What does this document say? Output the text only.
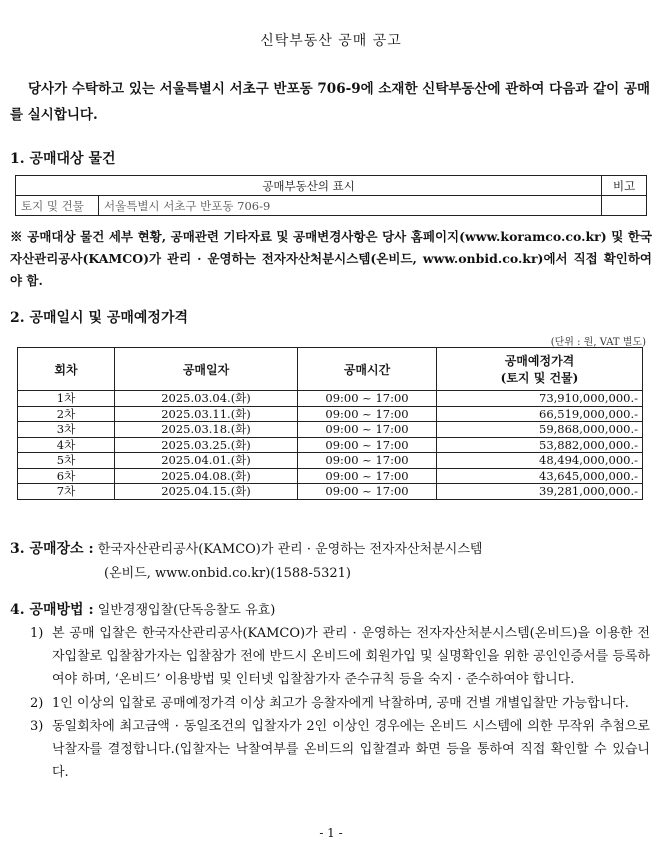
신탁부동산 공매 공고
당사가 수탁하고 있는 서울특별시 서초구 반포동 706-9에 소재한 신탁부동산에 관하여 다음과 같이 공매를 실시합니다.
1. 공매대상 물건
공매부동산의 표시		비고
토지 및 건물	서울특별시 서초구 반포동 706-9	
※ 공매대상 물건 세부 현황, 공매관련 기타자료 및 공매변경사항은 당사 홈페이지(www.koramco.co.kr) 및 한국자산관리공사(KAMCO)가 관리 · 운영하는 전자자산처분시스템(온비드, www.onbid.co.kr)에서 직접 확인하여야 함.
2. 공매일시 및 공매예정가격
(단위 : 원, VAT 별도)
회차	공매일자	공매시간	공매예정가격
(토지 및 건물)

1차	2025.03.04.(화)	09:00 ~ 17:00	73,910,000,000.-
2차	2025.03.11.(화)	09:00 ~ 17:00	66,519,000,000.-
3차	2025.03.18.(화)	09:00 ~ 17:00	59,868,000,000.-
4차	2025.03.25.(화)	09:00 ~ 17:00	53,882,000,000.-
5차	2025.04.01.(화)	09:00 ~ 17:00	48,494,000,000.-
6차	2025.04.08.(화)	09:00 ~ 17:00	43,645,000,000.-
7차	2025.04.15.(화)	09:00 ~ 17:00	39,281,000,000.-
3. 공매장소 : 한국자산관리공사(KAMCO)가 관리 · 운영하는 전자자산처분시스템
(온비드, www.onbid.co.kr)(1588-5321)
4. 공매방법 : 일반경쟁입찰(단독응찰도 유효)
1) 본 공매 입찰은 한국자산관리공사(KAMCO)가 관리 · 운영하는 전자자산처분시스템(온비드)을 이용한 전자입찰로 입찰참가자는 입찰참가 전에 반드시 온비드에 회원가입 및 실명확인을 위한 공인인증서를 등록하여야 하며, ‘온비드’ 이용방법 및 인터넷 입찰참가자 준수규칙 등을 숙지 · 준수하여야 합니다.
2) 1인 이상의 입찰로 공매예정가격 이상 최고가 응찰자에게 낙찰하며, 공매 건별 개별입찰만 가능합니다.
3) 동일회차에 최고금액 · 동일조건의 입찰자가 2인 이상인 경우에는 온비드 시스템에 의한 무작위 추첨으로 낙찰자를 결정합니다.(입찰자는 낙찰여부를 온비드의 입찰결과 화면 등을 통하여 직접 확인할 수 있습니다.
- 1 -
